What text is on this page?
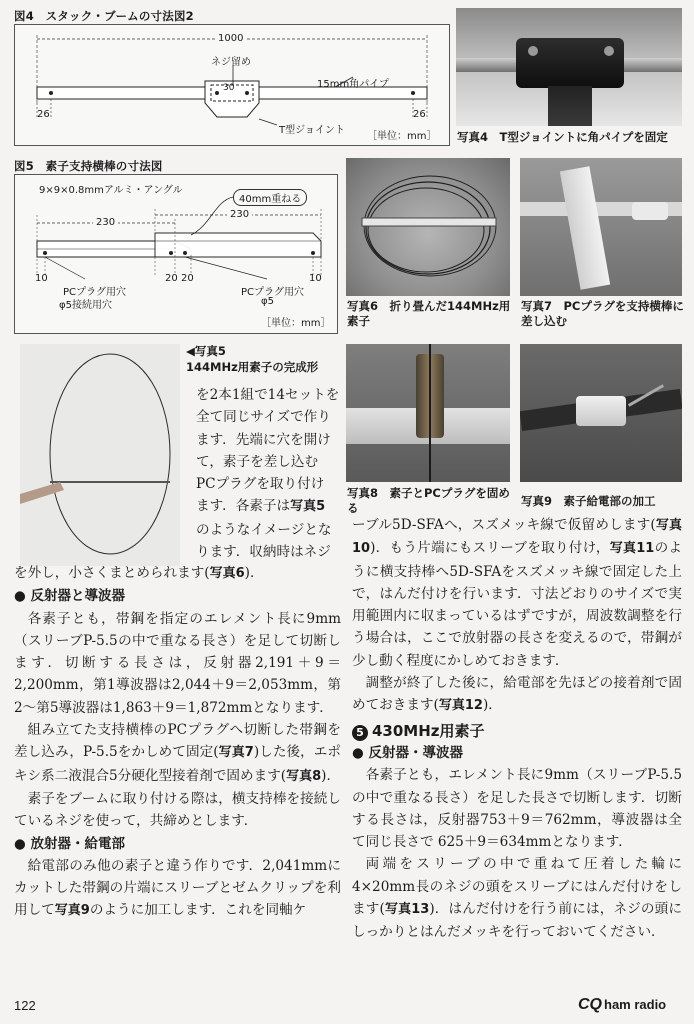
図4　スタック・ブームの寸法図2
1000
ネジ留め
30	15mm角パイプ
26	26
T型ジョイント
［単位：mm］ 写真4　T型ジョイントに角パイプを固定
図5　素子支持横棒の寸法図
9×9×0.8mmアルミ・アングル
40mm重ねる
230
230
10	20 20	10
PCプラグ用穴
φ5接続用穴
PCプラグ用穴
φ5
［単位：mm］
写真6　折り畳んだ144MHz用素子
写真7　PCプラグを支持横棒に差し込む
◀写真5
144MHz用素子の完成形
写真8　素子とPCプラグを固める	写真9　素子給電部の加工

を2本1組で14セットを

全て同じサイズで作り

ます．先端に穴を開け

て，素子を差し込む

PCプラグを取り付け

ます．各素子は写真5

のようなイメージとな

ります．収納時はネジ

を外し，小さくまとめられます(写真6)．

● 反射器と導波器

各素子とも，帯鋼を指定のエレメント長に9mm（スリーブP-5.5の中で重なる長さ）を足して切断します．切断する長さは，反射器2,191＋9＝2,200mm，第1導波器は2,044＋9＝2,053mm，第2〜第5導波器は1,863＋9＝1,872mmとなります．

組み立てた支持横棒のPCプラグへ切断した帯鋼を差し込み，P-5.5をかしめて固定(写真7)した後，エポキシ系二液混合5分硬化型接着剤で固めます(写真8)．

素子をブームに取り付ける際は，横支持棒を接続しているネジを使って，共締めとします．

● 放射器・給電部

給電部のみ他の素子と違う作りです．2,041mmにカットした帯鋼の片端にスリーブとゼムクリップを利用して写真9のように加工します．これを同軸ケ

ーブル5D-SFAへ，スズメッキ線で仮留めします(写真10)．もう片端にもスリーブを取り付け，写真11のように横支持棒へ5D-SFAをスズメッキ線で固定した上で，はんだ付けを行います．寸法どおりのサイズで実用範囲内に収まっているはずですが，周波数調整を行う場合は，ここで放射器の長さを変えるので，帯鋼が少し動く程度にかしめておきます．

調整が終了した後に，給電部を先ほどの接着剤で固めておきます(写真12)．

5 430MHz用素子

● 反射器・導波器

各素子とも，エレメント長に9mm（スリーブP-5.5の中で重なる長さ）を足した長さで切断します．切断する長さは，反射器753＋9＝762mm，導波器は全て同じ長さで 625＋9＝634mmとなります．

両端をスリーブの中で重ねて圧着した輪に4×20mm長のネジの頭をスリーブにはんだ付けをします(写真13)．はんだ付けを行う前には，ネジの頭にしっかりとはんだメッキを行っておいてください．

122	CQ ham radio
